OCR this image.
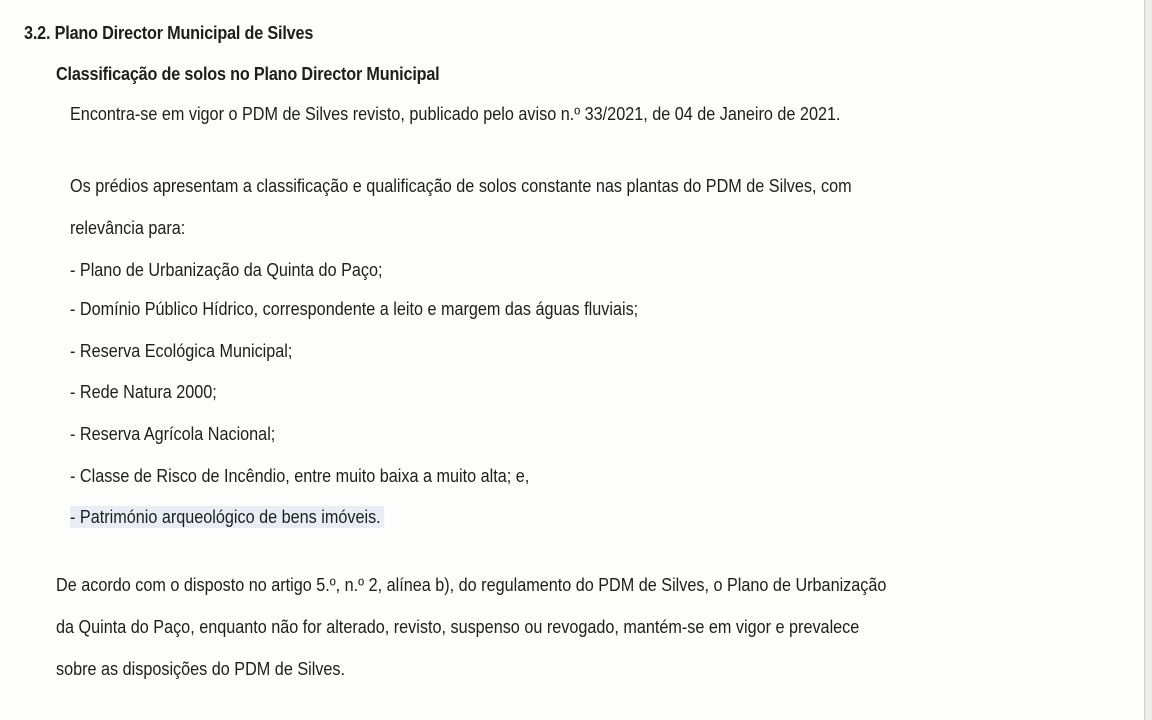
3.2. Plano Director Municipal de Silves
Classificação de solos no Plano Director Municipal
Encontra-se em vigor o PDM de Silves revisto, publicado pelo aviso n.º 33/2021, de 04 de Janeiro de 2021.
Os prédios apresentam a classificação e qualificação de solos constante nas plantas do PDM de Silves, com
relevância para:
- Plano de Urbanização da Quinta do Paço;
- Domínio Público Hídrico, correspondente a leito e margem das águas fluviais;
- Reserva Ecológica Municipal;
- Rede Natura 2000;
- Reserva Agrícola Nacional;
- Classe de Risco de Incêndio, entre muito baixa a muito alta; e,
- Património arqueológico de bens imóveis.
De acordo com o disposto no artigo 5.º, n.º 2, alínea b), do regulamento do PDM de Silves, o Plano de Urbanização
da Quinta do Paço, enquanto não for alterado, revisto, suspenso ou revogado, mantém-se em vigor e prevalece
sobre as disposições do PDM de Silves.
